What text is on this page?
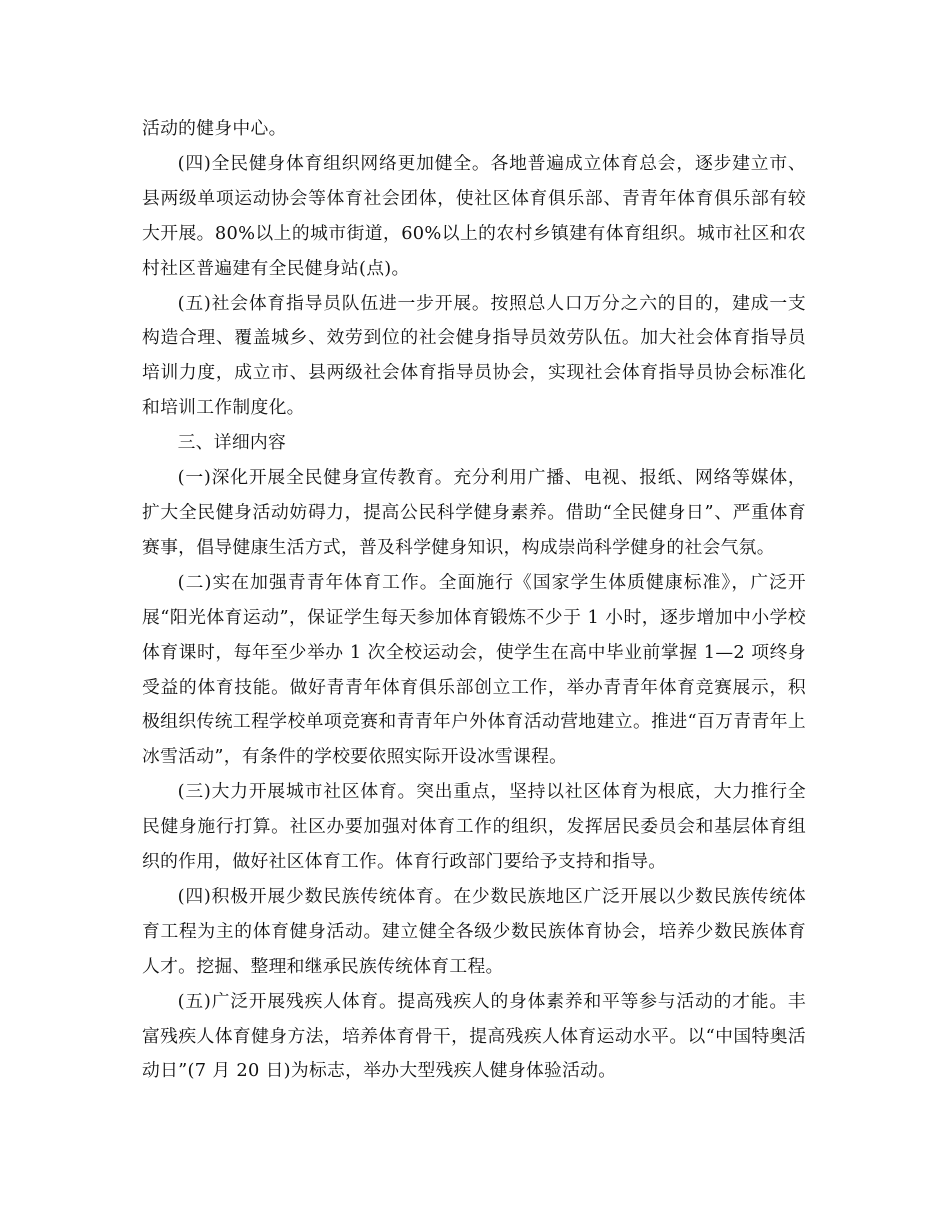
活动的健身中心。

(四)全民健身体育组织网络更加健全。各地普遍成立体育总会，逐步建立市、县两级单项运动协会等体育社会团体，使社区体育俱乐部、青青年体育俱乐部有较大开展。80%以上的城市街道，60%以上的农村乡镇建有体育组织。城市社区和农村社区普遍建有全民健身站(点)。

(五)社会体育指导员队伍进一步开展。按照总人口万分之六的目的，建成一支构造合理、覆盖城乡、效劳到位的社会健身指导员效劳队伍。加大社会体育指导员培训力度，成立市、县两级社会体育指导员协会，实现社会体育指导员协会标准化和培训工作制度化。

三、详细内容

(一)深化开展全民健身宣传教育。充分利用广播、电视、报纸、网络等媒体，扩大全民健身活动妨碍力，提高公民科学健身素养。借助“全民健身日”、严重体育赛事，倡导健康生活方式，普及科学健身知识，构成崇尚科学健身的社会气氛。

(二)实在加强青青年体育工作。全面施行《国家学生体质健康标准》，广泛开展“阳光体育运动”，保证学生每天参加体育锻炼不少于 1 小时，逐步增加中小学校体育课时，每年至少举办 1 次全校运动会，使学生在高中毕业前掌握 1—2 项终身受益的体育技能。做好青青年体育俱乐部创立工作，举办青青年体育竞赛展示，积极组织传统工程学校单项竞赛和青青年户外体育活动营地建立。推进“百万青青年上冰雪活动”，有条件的学校要依照实际开设冰雪课程。

(三)大力开展城市社区体育。突出重点，坚持以社区体育为根底，大力推行全民健身施行打算。社区办要加强对体育工作的组织，发挥居民委员会和基层体育组织的作用，做好社区体育工作。体育行政部门要给予支持和指导。

(四)积极开展少数民族传统体育。在少数民族地区广泛开展以少数民族传统体育工程为主的体育健身活动。建立健全各级少数民族体育协会，培养少数民族体育人才。挖掘、整理和继承民族传统体育工程。

(五)广泛开展残疾人体育。提高残疾人的身体素养和平等参与活动的才能。丰富残疾人体育健身方法，培养体育骨干，提高残疾人体育运动水平。以“中国特奥活动日”(7 月 20 日)为标志，举办大型残疾人健身体验活动。
